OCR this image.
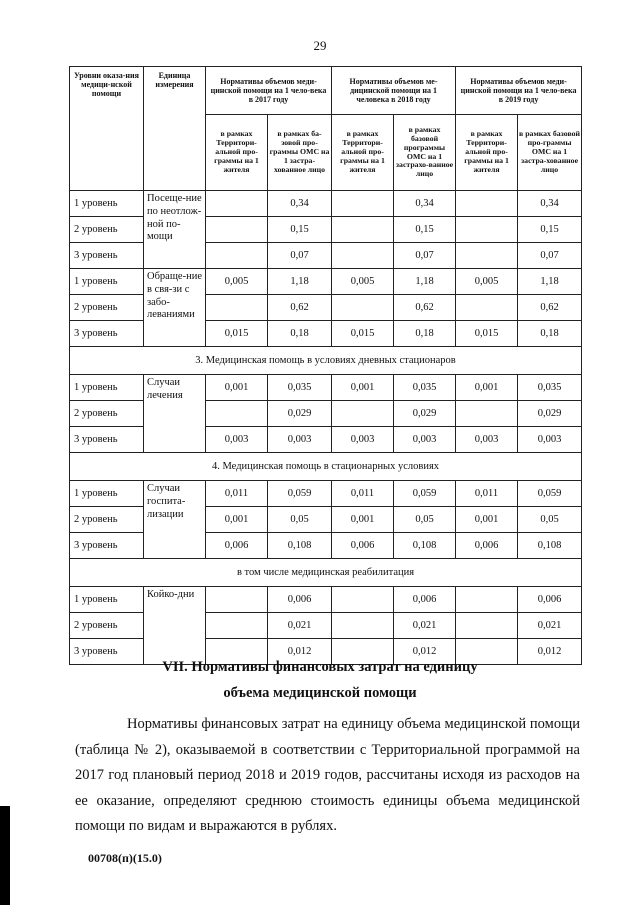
29
Уровни оказа-ния медици-нской помощи	Единица измерения	Нормативы объемов меди-цинской помощи на 1 чело-века в 2017 году		Нормативы объемов ме-дицинской помощи на 1 человека в 2018 году		Нормативы объемов меди-цинской помощи на 1 чело-века в 2019 году	
		в рамках Территори-альной про-граммы на 1 жителя	в рамках ба-зовой про-граммы ОМС на 1 застра-хованное лицо	в рамках Территори-альной про-граммы на 1 жителя	в рамках базовой программы ОМС на 1 застрахо-ванное лицо	в рамках Территори-альной про-граммы на 1 жителя	в рамках базовой про-граммы ОМС на 1 застра-хованное лицо
1 уровень	Посеще-ние по неотлож-ной по-мощи		0,34		0,34		0,34
2 уровень			0,15		0,15		0,15
3 уровень			0,07		0,07		0,07
1 уровень	Обраще-ние в свя-зи с забо-леваниями	0,005	1,18	0,005	1,18	0,005	1,18
2 уровень			0,62		0,62		0,62
3 уровень		0,015	0,18	0,015	0,18	0,015	0,18
3. Медицинская помощь в условиях дневных стационаров							
1 уровень	Случаи лечения	0,001	0,035	0,001	0,035	0,001	0,035
2 уровень			0,029		0,029		0,029
3 уровень		0,003	0,003	0,003	0,003	0,003	0,003
4. Медицинская помощь в стационарных условиях							
1 уровень	Случаи госпита-лизации	0,011	0,059	0,011	0,059	0,011	0,059
2 уровень		0,001	0,05	0,001	0,05	0,001	0,05
3 уровень		0,006	0,108	0,006	0,108	0,006	0,108
в том числе медицинская реабилитация							
1 уровень	Койко-дни		0,006		0,006		0,006
2 уровень			0,021		0,021		0,021
3 уровень			0,012		0,012		0,012
VII. Нормативы финансовых затрат на единицу
объема медицинской помощи
Нормативы финансовых затрат на единицу объема медицинской помощи (таблица № 2), оказываемой в соответствии с Территориальной программой на 2017 год плановый период 2018 и 2019 годов, рассчитаны исходя из расходов на ее оказание, определяют среднюю стоимость единицы объема медицинской помощи по видам и выражаются в рублях.
00708(п)(15.0)
